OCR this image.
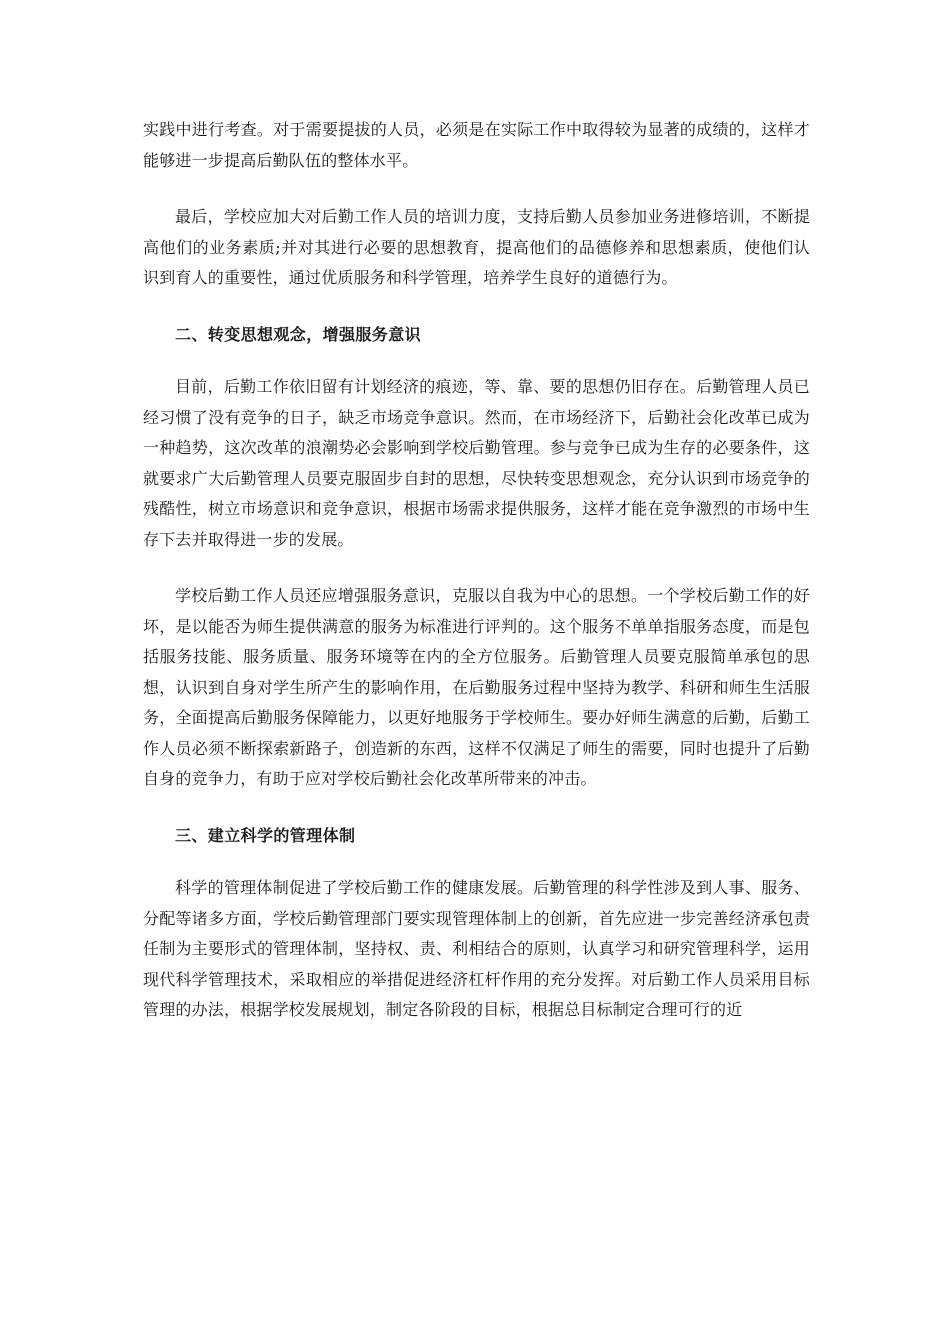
实践中进行考查。对于需要提拔的人员，必须是在实际工作中取得较为显著的成绩的，这样才能够进一步提高后勤队伍的整体水平。

最后，学校应加大对后勤工作人员的培训力度，支持后勤人员参加业务进修培训，不断提高他们的业务素质;并对其进行必要的思想教育，提高他们的品德修养和思想素质，使他们认识到育人的重要性，通过优质服务和科学管理，培养学生良好的道德行为。

二、转变思想观念，增强服务意识

目前，后勤工作依旧留有计划经济的痕迹，等、靠、要的思想仍旧存在。后勤管理人员已经习惯了没有竞争的日子，缺乏市场竞争意识。然而，在市场经济下，后勤社会化改革已成为一种趋势，这次改革的浪潮势必会影响到学校后勤管理。参与竞争已成为生存的必要条件，这就要求广大后勤管理人员要克服固步自封的思想，尽快转变思想观念，充分认识到市场竞争的残酷性，树立市场意识和竞争意识，根据市场需求提供服务，这样才能在竞争激烈的市场中生存下去并取得进一步的发展。

学校后勤工作人员还应增强服务意识，克服以自我为中心的思想。一个学校后勤工作的好坏，是以能否为师生提供满意的服务为标准进行评判的。这个服务不单单指服务态度，而是包括服务技能、服务质量、服务环境等在内的全方位服务。后勤管理人员要克服简单承包的思想，认识到自身对学生所产生的影响作用，在后勤服务过程中坚持为教学、科研和师生生活服务，全面提高后勤服务保障能力，以更好地服务于学校师生。要办好师生满意的后勤，后勤工作人员必须不断探索新路子，创造新的东西，这样不仅满足了师生的需要，同时也提升了后勤自身的竞争力，有助于应对学校后勤社会化改革所带来的冲击。

三、建立科学的管理体制

科学的管理体制促进了学校后勤工作的健康发展。后勤管理的科学性涉及到人事、服务、分配等诸多方面，学校后勤管理部门要实现管理体制上的创新，首先应进一步完善经济承包责任制为主要形式的管理体制，坚持权、责、利相结合的原则，认真学习和研究管理科学，运用现代科学管理技术，采取相应的举措促进经济杠杆作用的充分发挥。对后勤工作人员采用目标管理的办法，根据学校发展规划，制定各阶段的目标，根据总目标制定合理可行的近
